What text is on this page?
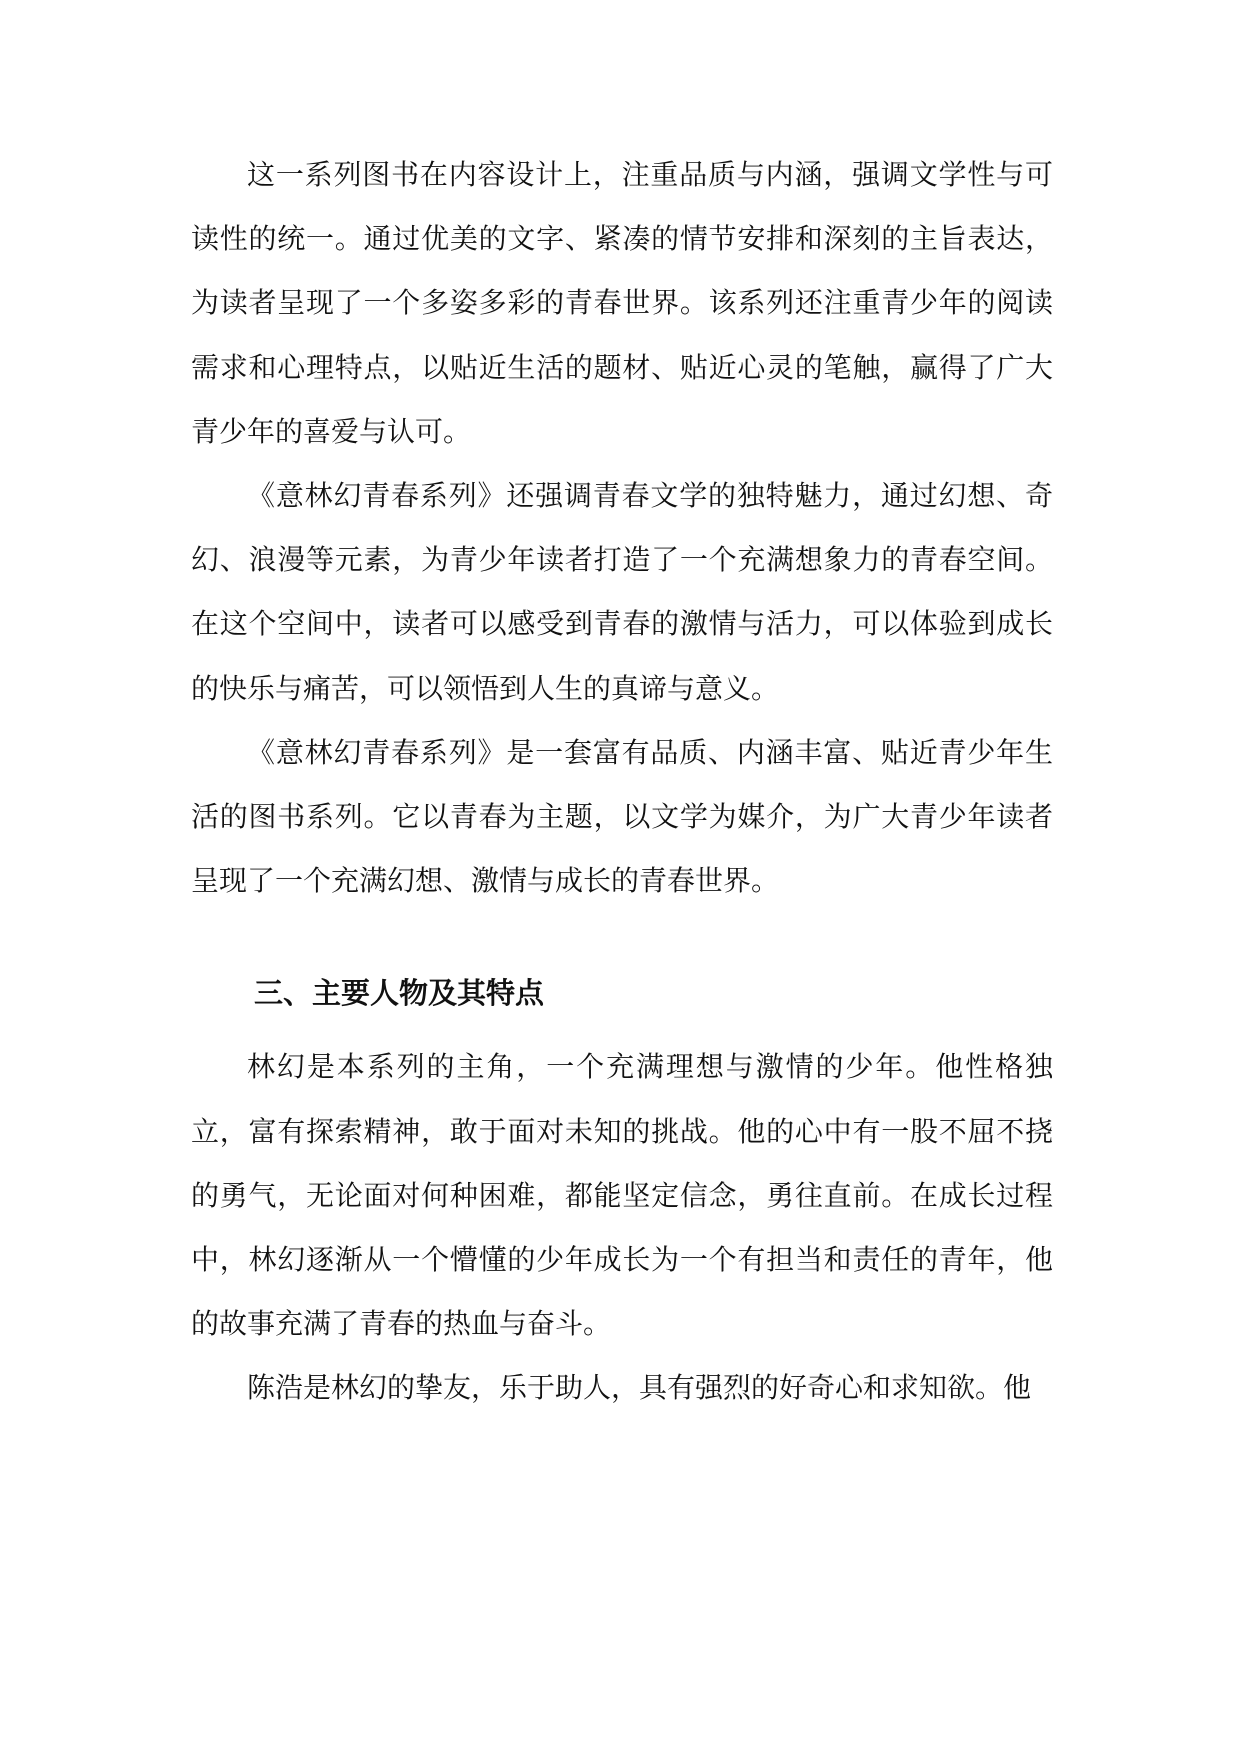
这一系列图书在内容设计上，注重品质与内涵，强调文学性与可读性的统一。通过优美的文字、紧凑的情节安排和深刻的主旨表达，为读者呈现了一个多姿多彩的青春世界。该系列还注重青少年的阅读需求和心理特点，以贴近生活的题材、贴近心灵的笔触，赢得了广大青少年的喜爱与认可。

《意林幻青春系列》还强调青春文学的独特魅力，通过幻想、奇幻、浪漫等元素，为青少年读者打造了一个充满想象力的青春空间。在这个空间中，读者可以感受到青春的激情与活力，可以体验到成长的快乐与痛苦，可以领悟到人生的真谛与意义。

《意林幻青春系列》是一套富有品质、内涵丰富、贴近青少年生活的图书系列。它以青春为主题，以文学为媒介，为广大青少年读者呈现了一个充满幻想、激情与成长的青春世界。

三、主要人物及其特点

林幻是本系列的主角，一个充满理想与激情的少年。他性格独立，富有探索精神，敢于面对未知的挑战。他的心中有一股不屈不挠的勇气，无论面对何种困难，都能坚定信念，勇往直前。在成长过程中，林幻逐渐从一个懵懂的少年成长为一个有担当和责任的青年，他的故事充满了青春的热血与奋斗。

陈浩是林幻的挚友，乐于助人，具有强烈的好奇心和求知欲。他
